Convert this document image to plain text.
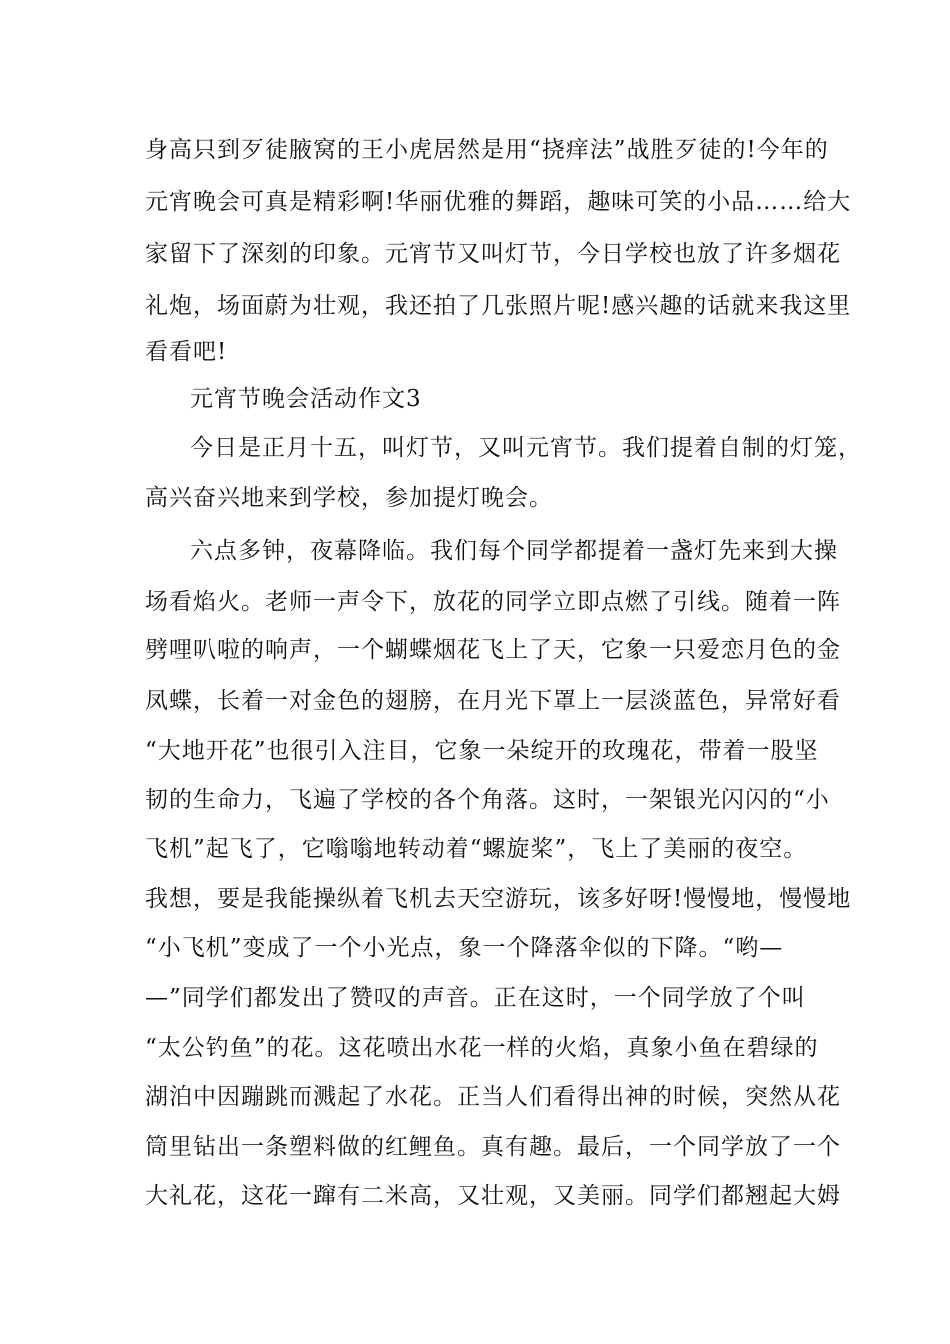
身高只到歹徒腋窝的王小虎居然是用“挠痒法”战胜歹徒的!今年的
元宵晚会可真是精彩啊!华丽优雅的舞蹈，趣味可笑的小品……给大
家留下了深刻的印象。元宵节又叫灯节，今日学校也放了许多烟花
礼炮，场面蔚为壮观，我还拍了几张照片呢!感兴趣的话就来我这里
看看吧!
元宵节晚会活动作文3
今日是正月十五，叫灯节，又叫元宵节。我们提着自制的灯笼，
高兴奋兴地来到学校，参加提灯晚会。
六点多钟，夜幕降临。我们每个同学都提着一盏灯先来到大操
场看焰火。老师一声令下，放花的同学立即点燃了引线。随着一阵
劈哩叭啦的响声，一个蝴蝶烟花飞上了天，它象一只爱恋月色的金
凤蝶，长着一对金色的翅膀，在月光下罩上一层淡蓝色，异常好看
“大地开花”也很引入注目，它象一朵绽开的玫瑰花，带着一股坚
韧的生命力，飞遍了学校的各个角落。这时，一架银光闪闪的“小
飞机”起飞了，它嗡嗡地转动着“螺旋桨”，飞上了美丽的夜空。
我想，要是我能操纵着飞机去天空游玩，该多好呀!慢慢地，慢慢地
“小飞机”变成了一个小光点，象一个降落伞似的下降。“哟—
—”同学们都发出了赞叹的声音。正在这时，一个同学放了个叫
“太公钓鱼”的花。这花喷出水花一样的火焰，真象小鱼在碧绿的
湖泊中因蹦跳而溅起了水花。正当人们看得出神的时候，突然从花
筒里钻出一条塑料做的红鲤鱼。真有趣。最后，一个同学放了一个
大礼花，这花一蹿有二米高，又壮观，又美丽。同学们都翘起大姆
